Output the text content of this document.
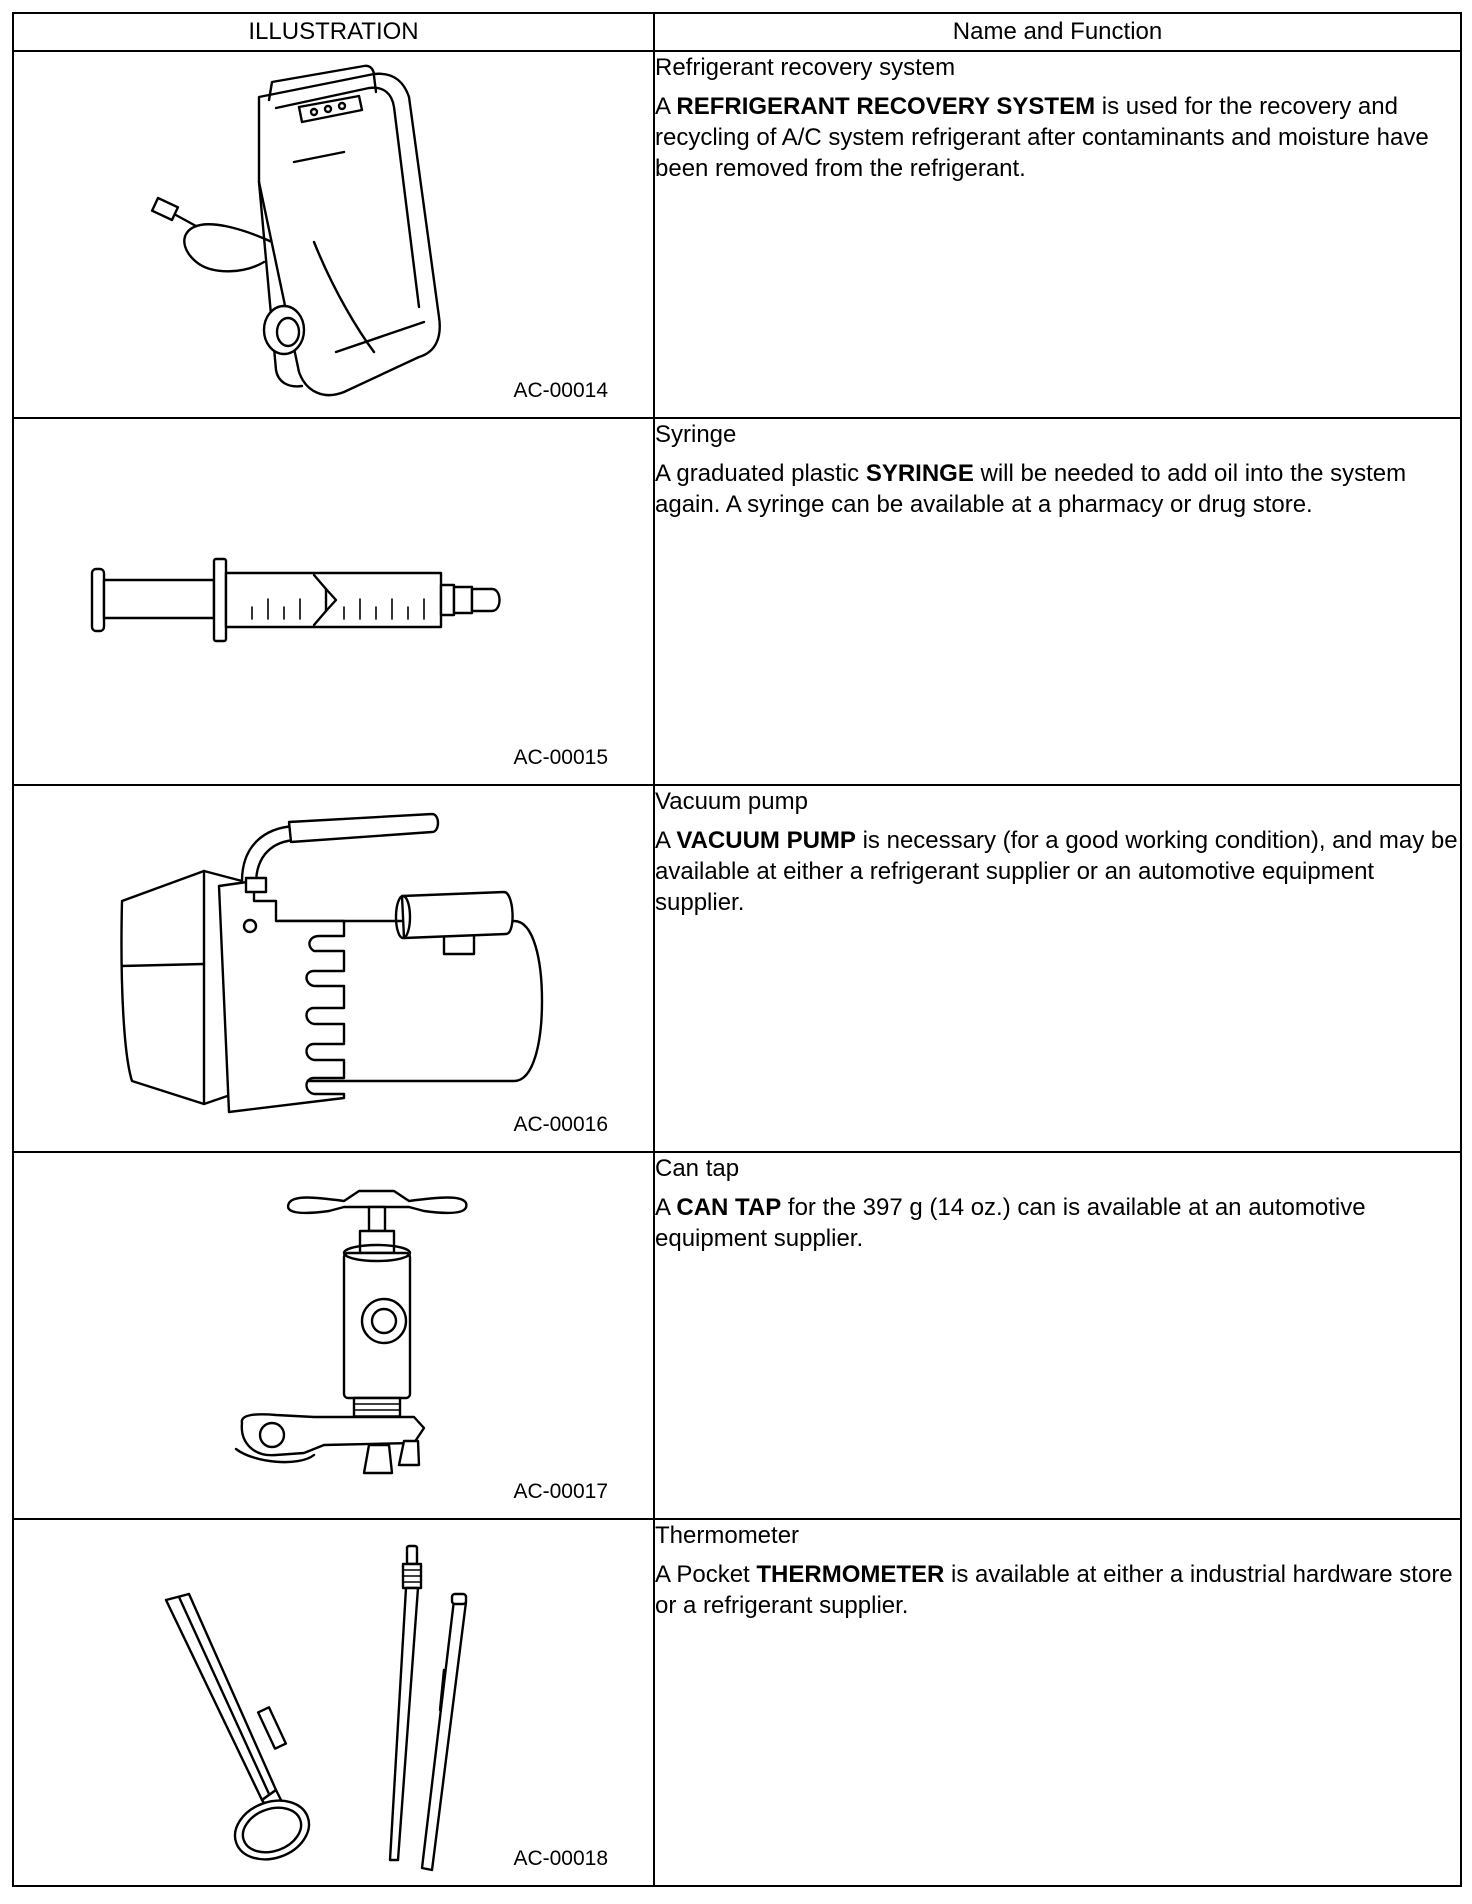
ILLUSTRATION	Name and Function

AC-00014	Refrigerant recovery system

A REFRIGERANT RECOVERY SYSTEM is used for the recovery and recycling of A/C system refrigerant after contaminants and moisture have been removed from the refrigerant.

AC-00015	Syringe

A graduated plastic SYRINGE will be needed to add oil into the system again. A syringe can be available at a pharmacy or drug store.

AC-00016	Vacuum pump

A VACUUM PUMP is necessary (for a good working condition), and may be available at either a refrigerant supplier or an automotive equipment supplier.

AC-00017	Can tap

A CAN TAP for the 397 g (14 oz.) can is available at an automotive equipment supplier.

AC-00018	Thermometer

A Pocket THERMOMETER is available at either a industrial hardware store or a refrigerant supplier.
